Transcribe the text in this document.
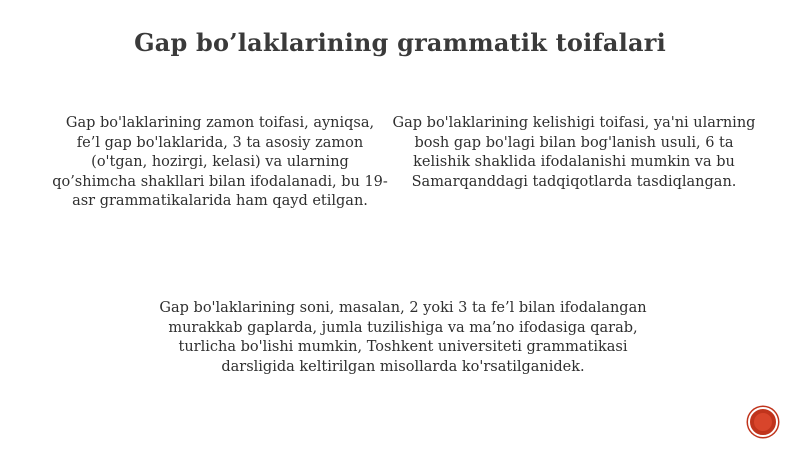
Gap bo’laklarining grammatik toifalari
Gap bo'laklarining zamon toifasi, ayniqsa, fe’l gap bo'laklarida, 3 ta asosiy zamon (o'tgan, hozirgi, kelasi) va ularning qo’shimcha shakllari bilan ifodalanadi, bu 19-asr grammatikalarida ham qayd etilgan.
Gap bo'laklarining kelishigi toifasi, ya'ni ularning bosh gap bo'lagi bilan bog'lanish usuli, 6 ta kelishik shaklida ifodalanishi mumkin va bu Samarqanddagi tadqiqotlarda tasdiqlangan.
Gap bo'laklarining soni, masalan, 2 yoki 3 ta fe’l bilan ifodalangan murakkab gaplarda, jumla tuzilishiga va ma’no ifodasiga qarab, turlicha bo'lishi mumkin, Toshkent universiteti grammatikasi darsligida keltirilgan misollarda ko'rsatilganidek.
